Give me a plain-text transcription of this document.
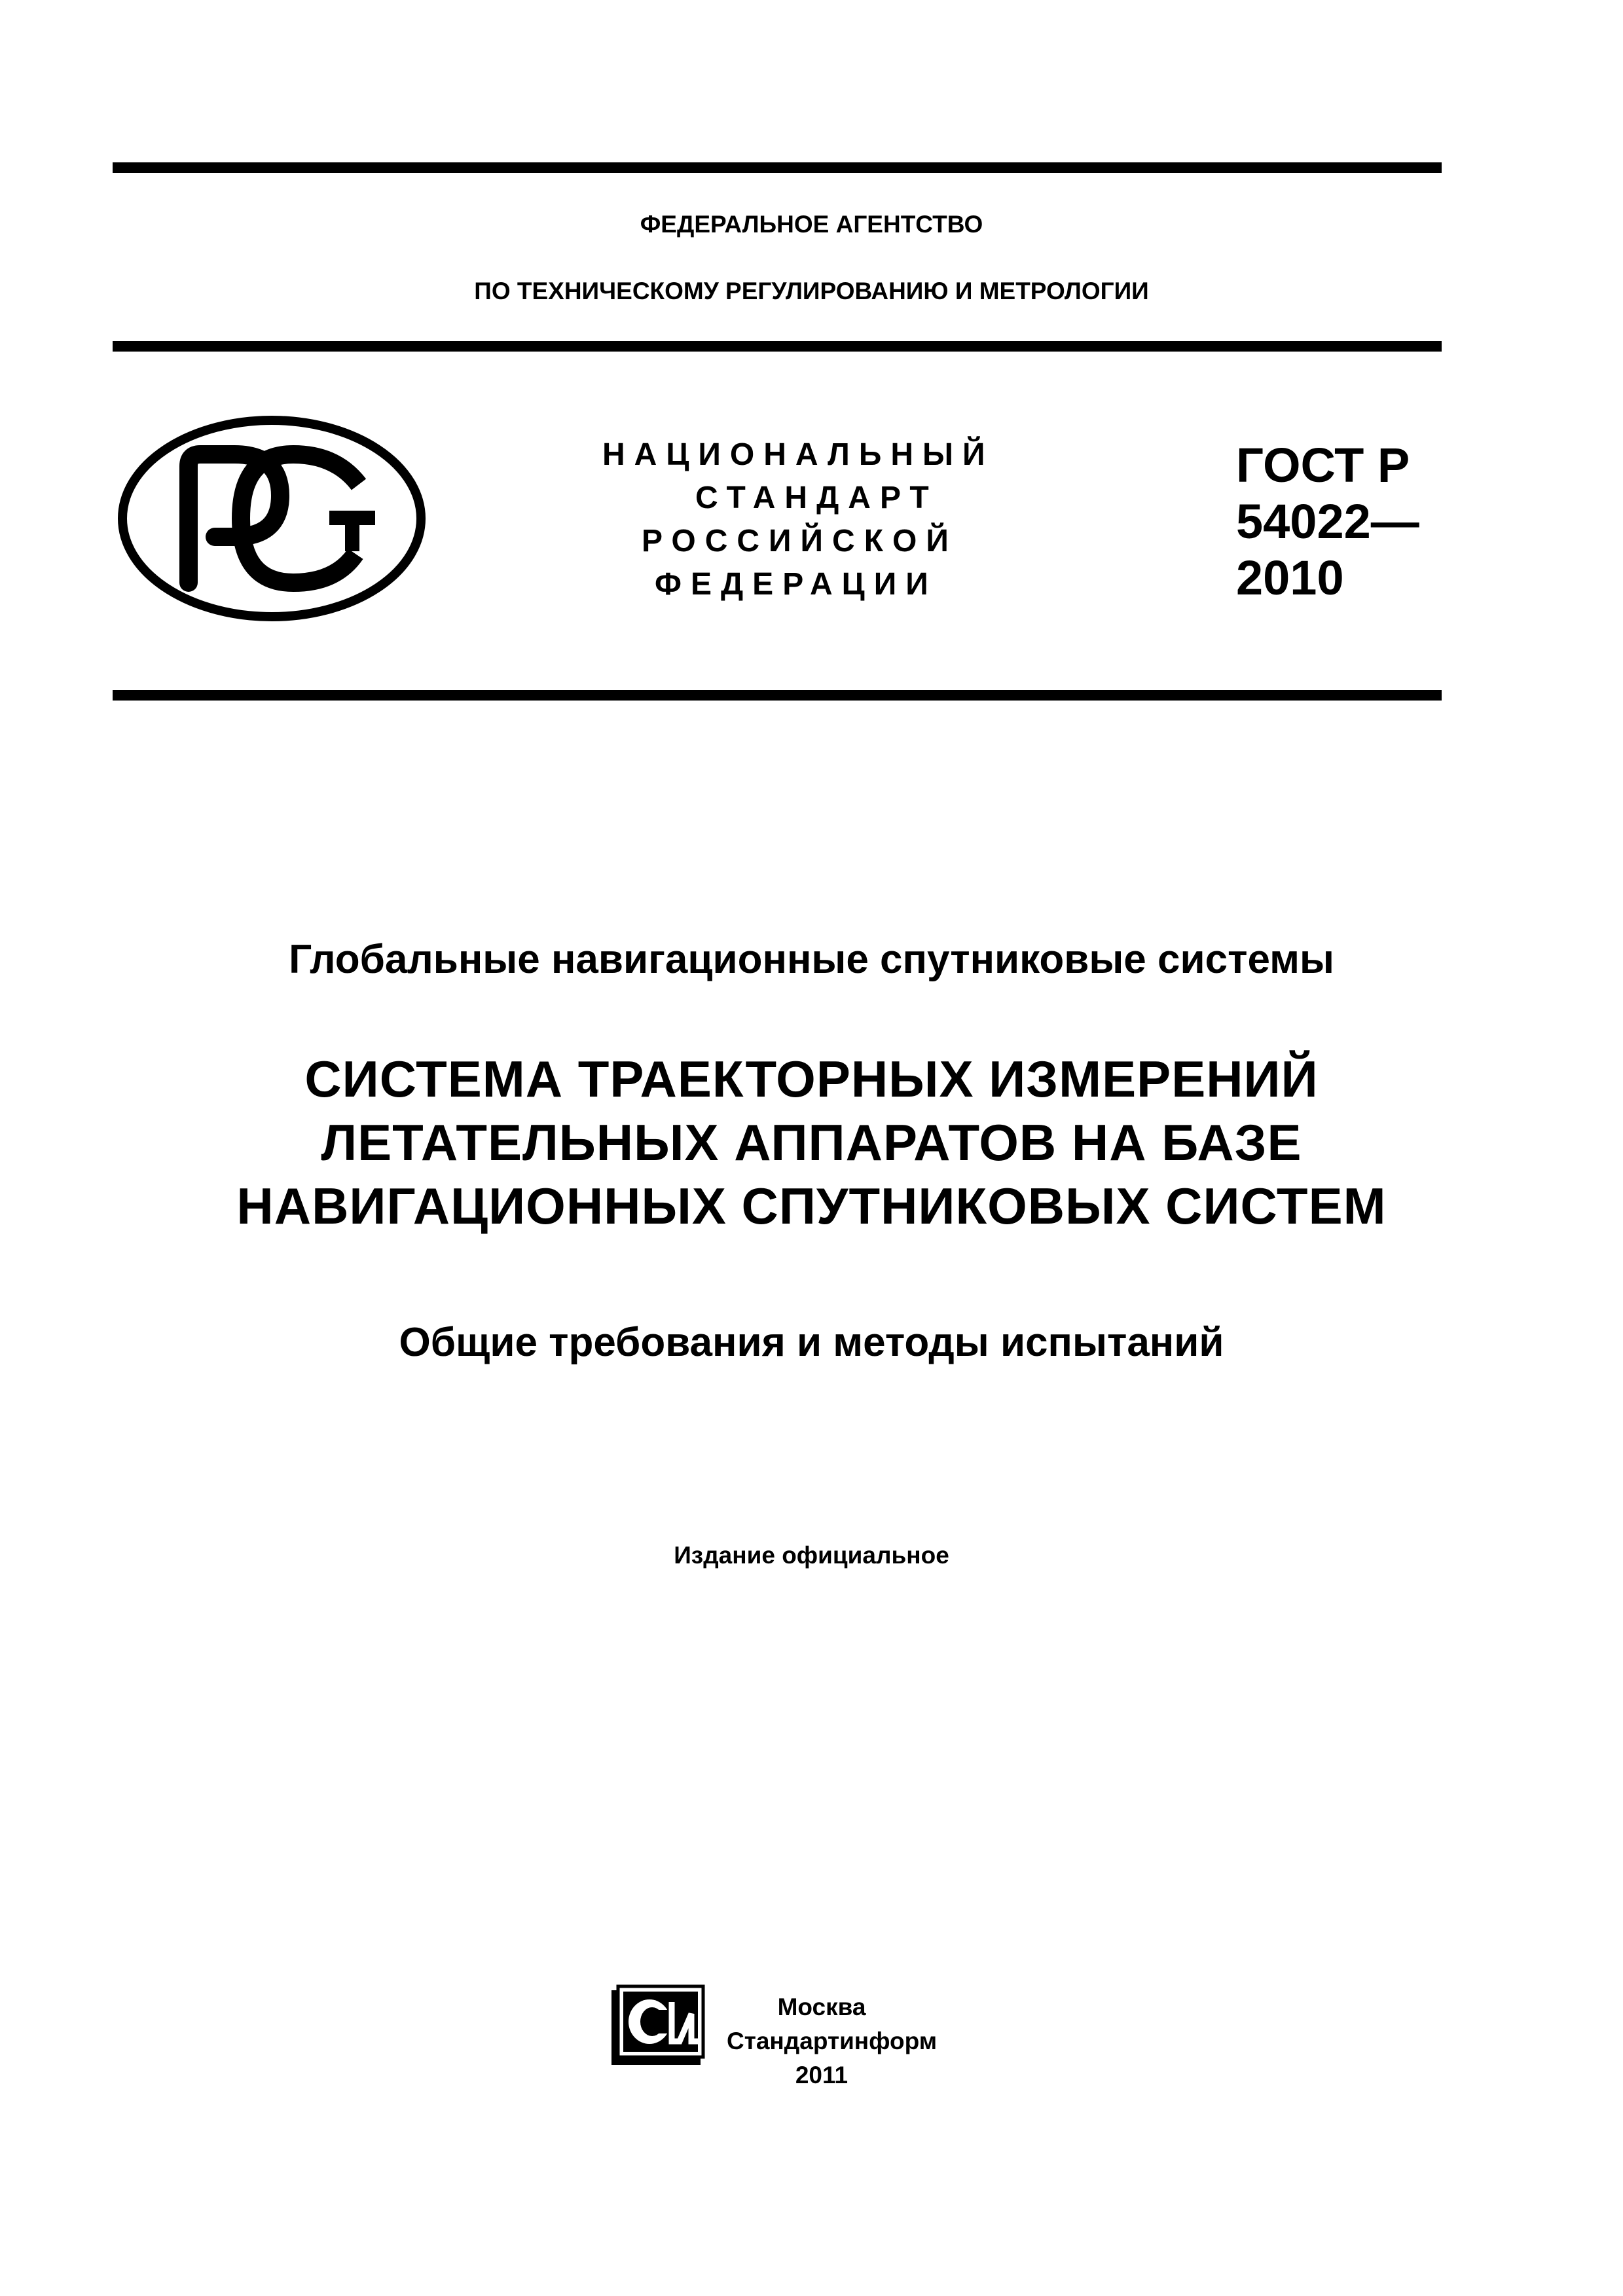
ФЕДЕРАЛЬНОЕ АГЕНТСТВО
ПО ТЕХНИЧЕСКОМУ РЕГУЛИРОВАНИЮ И МЕТРОЛОГИИ
РСТ
НАЦИОНАЛЬНЫЙ
СТАНДАРТ
РОССИЙСКОЙ
ФЕДЕРАЦИИ
ГОСТ Р
54022—
2010
Глобальные навигационные спутниковые системы
СИСТЕМА ТРАЕКТОРНЫХ ИЗМЕРЕНИЙ
ЛЕТАТЕЛЬНЫХ АППАРАТОВ НА БАЗЕ
НАВИГАЦИОННЫХ СПУТНИКОВЫХ СИСТЕМ
Общие требования и методы испытаний
Издание официальное
Москва
Стандартинформ
2011
